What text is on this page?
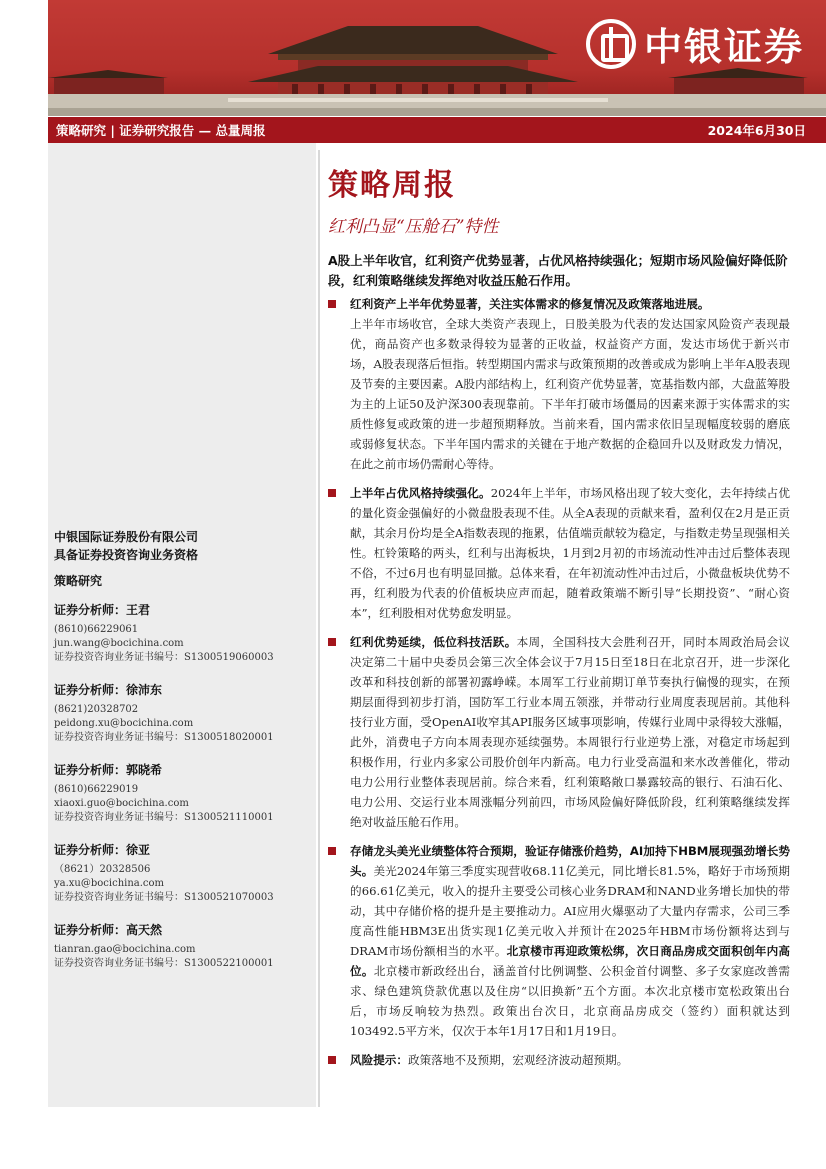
中银证券
策略研究 | 证券研究报告 — 总量周报	2024年6月30日
中银国际证券股份有限公司
具备证券投资咨询业务资格
策略研究
证券分析师：王君
(8610)66229061
jun.wang@bocichina.com
证券投资咨询业务证书编号：S1300519060003
证券分析师：徐沛东
(8621)20328702
peidong.xu@bocichina.com
证券投资咨询业务证书编号：S1300518020001
证券分析师：郭晓希
(8610)66229019
xiaoxi.guo@bocichina.com
证券投资咨询业务证书编号：S1300521110001
证券分析师：徐亚
（8621）20328506
ya.xu@bocichina.com
证券投资咨询业务证书编号：S1300521070003
证券分析师：高天然
tianran.gao@bocichina.com
证券投资咨询业务证书编号：S1300522100001
策略周报
红利凸显“压舱石”特性
A股上半年收官，红利资产优势显著，占优风格持续强化；短期市场风险偏好降低阶段，红利策略继续发挥绝对收益压舱石作用。
红利资产上半年优势显著，关注实体需求的修复情况及政策落地进展。
上半年市场收官，全球大类资产表现上，日股美股为代表的发达国家风险资产表现最优，商品资产也多数录得较为显著的正收益，权益资产方面，发达市场优于新兴市场，A股表现落后恒指。转型期国内需求与政策预期的改善或成为影响上半年A股表现及节奏的主要因素。A股内部结构上，红利资产优势显著，宽基指数内部，大盘蓝筹股为主的上证50及沪深300表现靠前。下半年打破市场僵局的因素来源于实体需求的实质性修复或政策的进一步超预期释放。当前来看，国内需求依旧呈现幅度较弱的磨底或弱修复状态。下半年国内需求的关键在于地产数据的企稳回升以及财政发力情况，在此之前市场仍需耐心等待。
上半年占优风格持续强化。2024年上半年，市场风格出现了较大变化，去年持续占优的量化资金强偏好的小微盘股表现不佳。从全A表现的贡献来看，盈利仅在2月是正贡献，其余月份均是全A指数表现的拖累，估值端贡献较为稳定，与指数走势呈现强相关性。杠铃策略的两头，红利与出海板块，1月到2月初的市场流动性冲击过后整体表现不俗，不过6月也有明显回撤。总体来看，在年初流动性冲击过后，小微盘板块优势不再，红利股为代表的价值板块应声而起，随着政策端不断引导“长期投资”、“耐心资本”，红利股相对优势愈发明显。
红利优势延续，低位科技活跃。本周，全国科技大会胜利召开，同时本周政治局会议决定第二十届中央委员会第三次全体会议于7月15日至18日在北京召开，进一步深化改革和科技创新的部署初露峥嵘。本周军工行业前期订单节奏执行偏慢的现实，在预期层面得到初步打消，国防军工行业本周五领涨，并带动行业周度表现居前。其他科技行业方面，受OpenAI收窄其API服务区域事项影响，传媒行业周中录得较大涨幅，此外，消费电子方向本周表现亦延续强势。本周银行行业逆势上涨，对稳定市场起到积极作用，行业内多家公司股价创年内新高。电力行业受高温和来水改善催化，带动电力公用行业整体表现居前。综合来看，红利策略敞口暴露较高的银行、石油石化、电力公用、交运行业本周涨幅分列前四，市场风险偏好降低阶段，红利策略继续发挥绝对收益压舱石作用。
存储龙头美光业绩整体符合预期，验证存储涨价趋势，AI加持下HBM展现强劲增长势头。美光2024年第三季度实现营收68.11亿美元，同比增长81.5%，略好于市场预期的66.61亿美元，收入的提升主要受公司核心业务DRAM和NAND业务增长加快的带动，其中存储价格的提升是主要推动力。AI应用火爆驱动了大量内存需求，公司三季度高性能HBM3E出货实现1亿美元收入并预计在2025年HBM市场份额将达到与DRAM市场份额相当的水平。北京楼市再迎政策松绑，次日商品房成交面积创年内高位。北京楼市新政经出台，涵盖首付比例调整、公积金首付调整、多子女家庭改善需求、绿色建筑贷款优惠以及住房“以旧换新”五个方面。本次北京楼市宽松政策出台后，市场反响较为热烈。政策出台次日，北京商品房成交（签约）面积就达到103492.5平方米，仅次于本年1月17日和1月19日。
风险提示：政策落地不及预期，宏观经济波动超预期。
